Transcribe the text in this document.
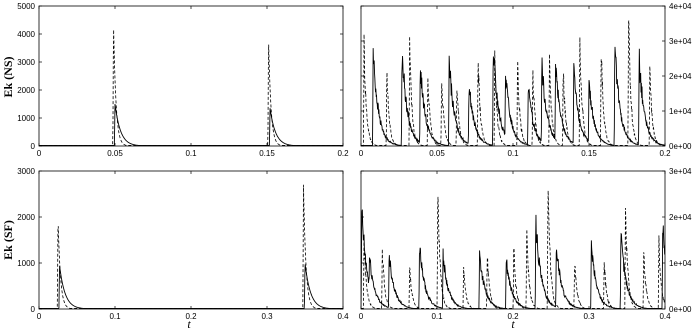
0	0.05	0.1	0.15	0.2
0
1000
2000
3000
4000
5000
0	0.05	0.1	0.15	0.2
0e+00
1e+04
2e+04
3e+04
4e+04
0	0.1	0.2	0.3	0.4
0
1000
2000
3000
0	0.1	0.2	0.3	0.4
0e+00
1e+04
2e+04
3e+04
Ek (NS)
Ek (SF)
t	t
